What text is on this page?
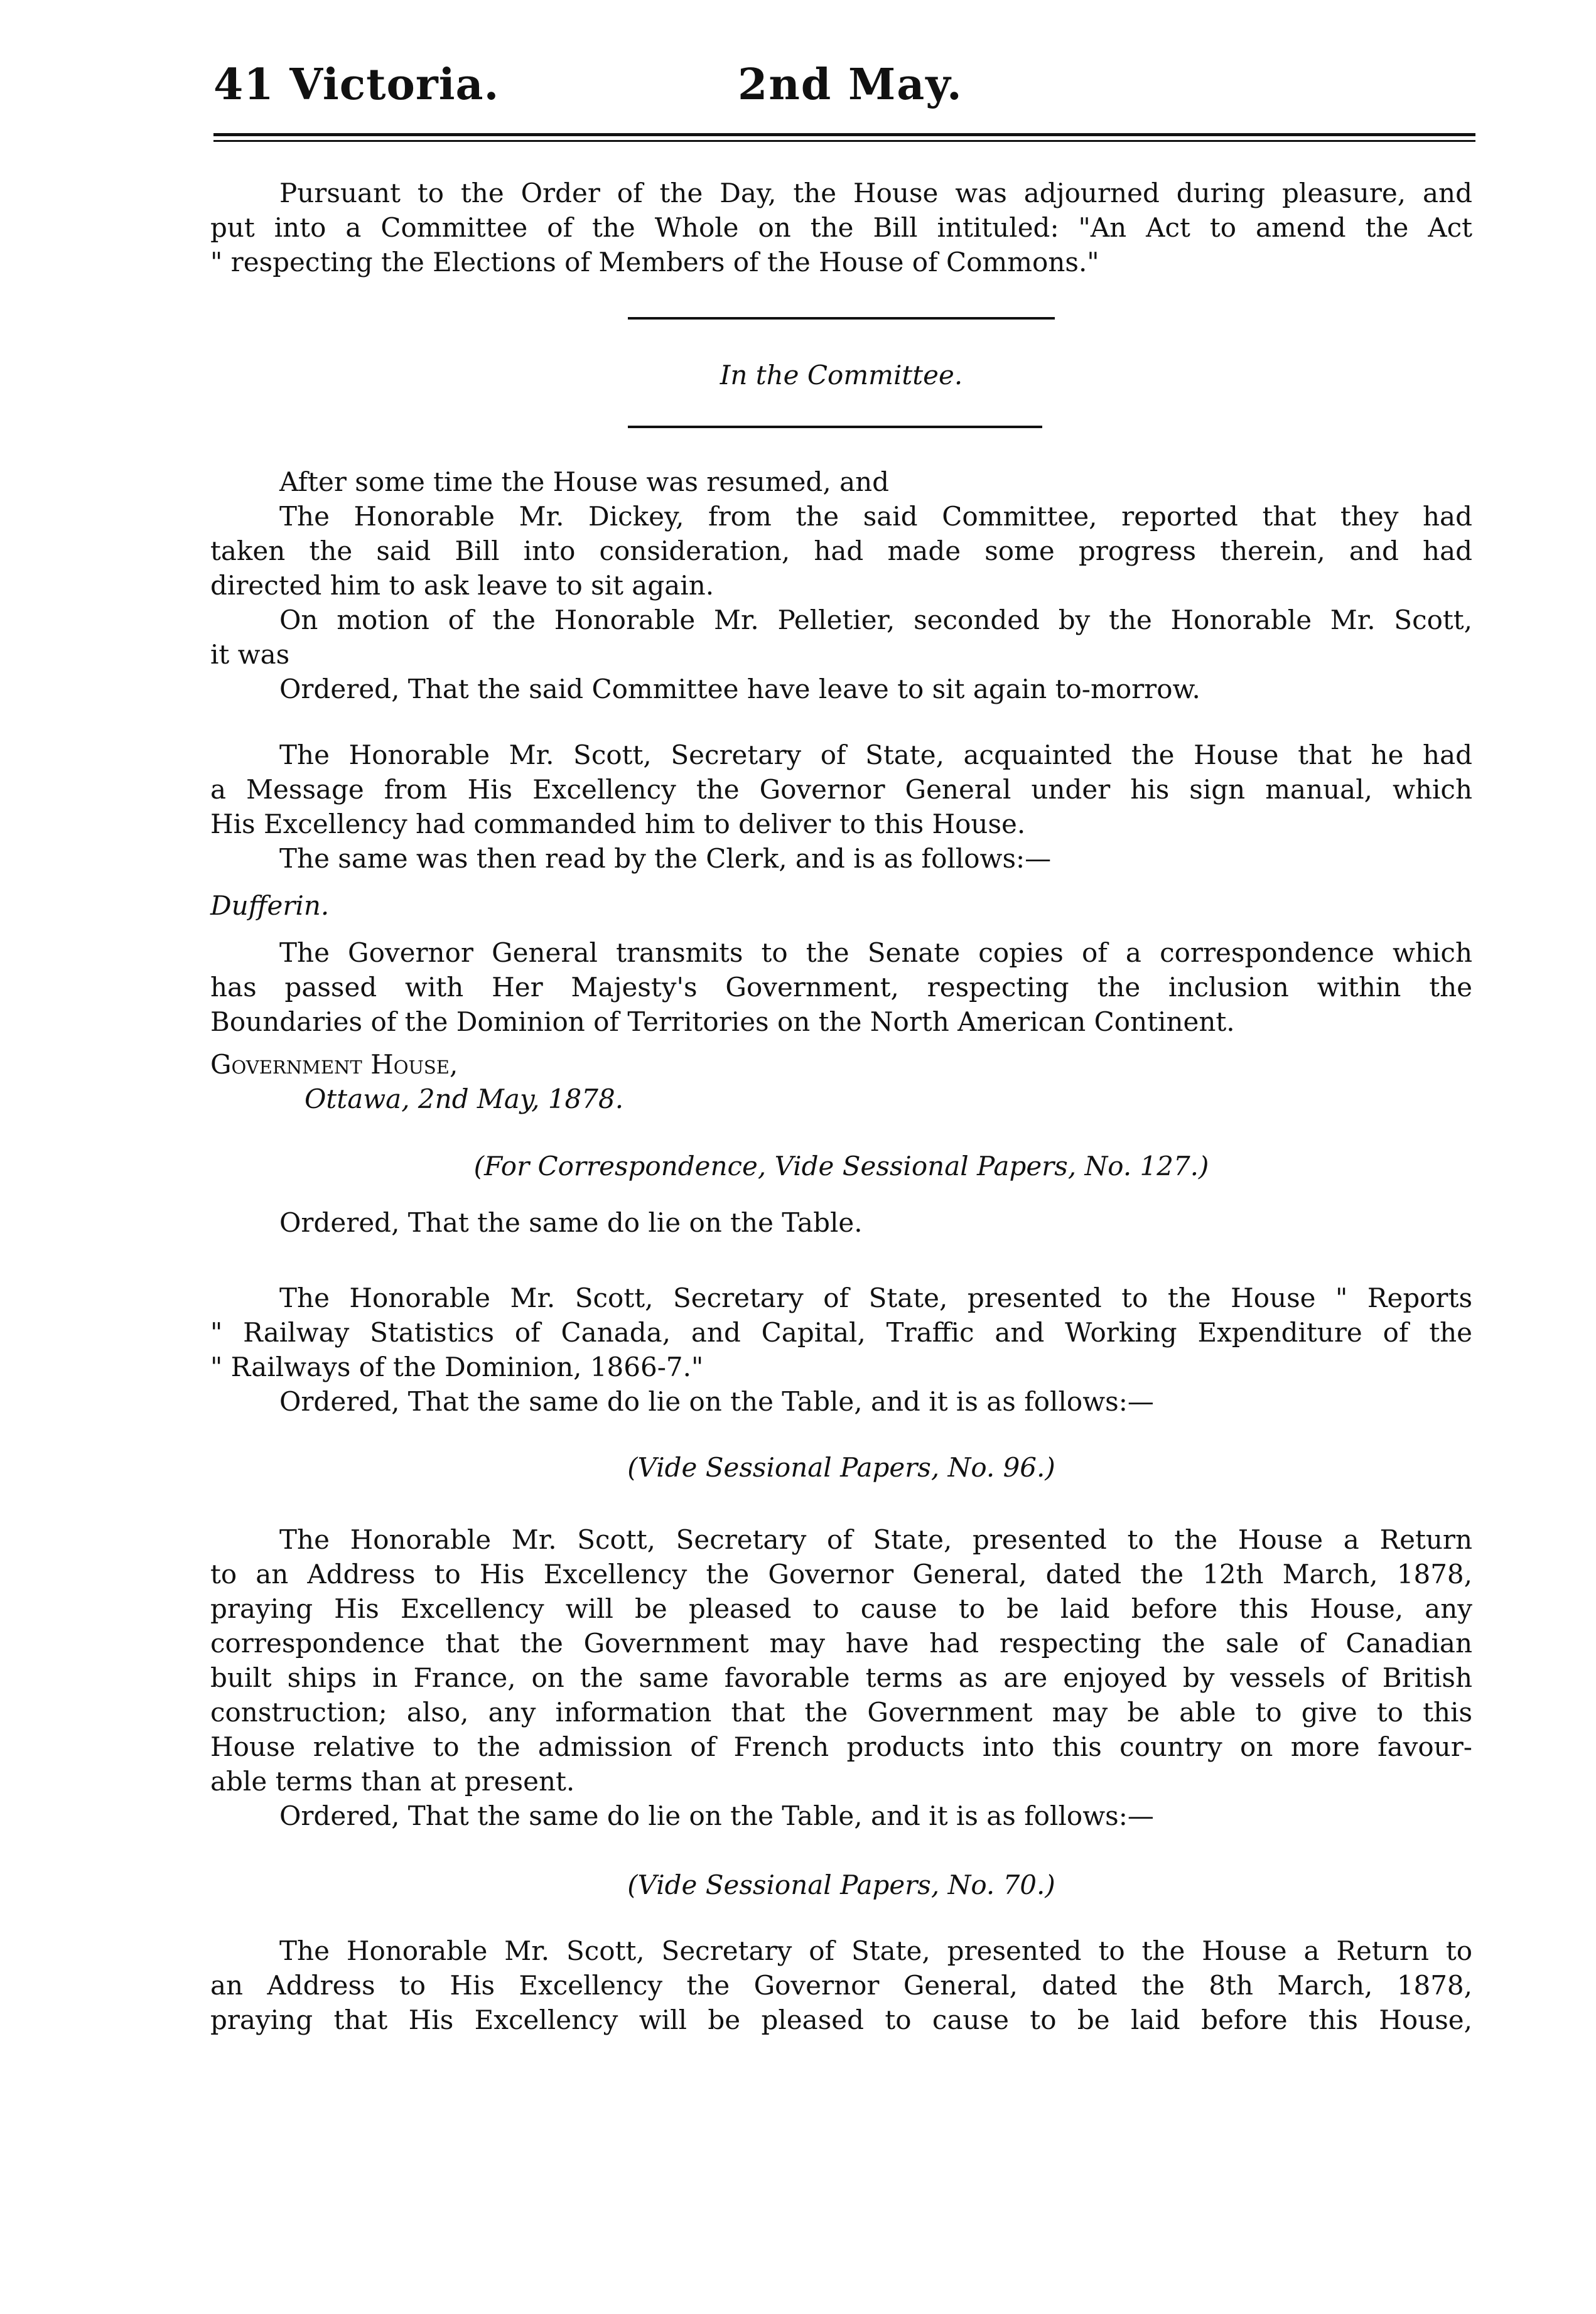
41 Victoria.	2nd May.
Pursuant to the Order of the Day, the House was adjourned during pleasure, and
put into a Committee of the Whole on the Bill intituled: "An Act to amend the Act
" respecting the Elections of Members of the House of Commons."
In the Committee.
After some time the House was resumed, and
The Honorable Mr. Dickey, from the said Committee, reported that they had
taken the said Bill into consideration, had made some progress therein, and had
directed him to ask leave to sit again.
On motion of the Honorable Mr. Pelletier, seconded by the Honorable Mr. Scott,
it was
Ordered, That the said Committee have leave to sit again to-morrow.
The Honorable Mr. Scott, Secretary of State, acquainted the House that he had
a Message from His Excellency the Governor General under his sign manual, which
His Excellency had commanded him to deliver to this House.
The same was then read by the Clerk, and is as follows:—
Dufferin.
The Governor General transmits to the Senate copies of a correspondence which
has passed with Her Majesty's Government, respecting the inclusion within the
Boundaries of the Dominion of Territories on the North American Continent.
Government House,
Ottawa, 2nd May, 1878.
(For Correspondence, Vide Sessional Papers, No. 127.)
Ordered, That the same do lie on the Table.
The Honorable Mr. Scott, Secretary of State, presented to the House " Reports
" Railway Statistics of Canada, and Capital, Traffic and Working Expenditure of the
" Railways of the Dominion, 1866-7."
Ordered, That the same do lie on the Table, and it is as follows:—
(Vide Sessional Papers, No. 96.)
The Honorable Mr. Scott, Secretary of State, presented to the House a Return
to an Address to His Excellency the Governor General, dated the 12th March, 1878,
praying His Excellency will be pleased to cause to be laid before this House, any
correspondence that the Government may have had respecting the sale of Canadian
built ships in France, on the same favorable terms as are enjoyed by vessels of British
construction; also, any information that the Government may be able to give to this
House relative to the admission of French products into this country on more favour-
able terms than at present.
Ordered, That the same do lie on the Table, and it is as follows:—
(Vide Sessional Papers, No. 70.)
The Honorable Mr. Scott, Secretary of State, presented to the House a Return to
an Address to His Excellency the Governor General, dated the 8th March, 1878,
praying that His Excellency will be pleased to cause to be laid before this House,
